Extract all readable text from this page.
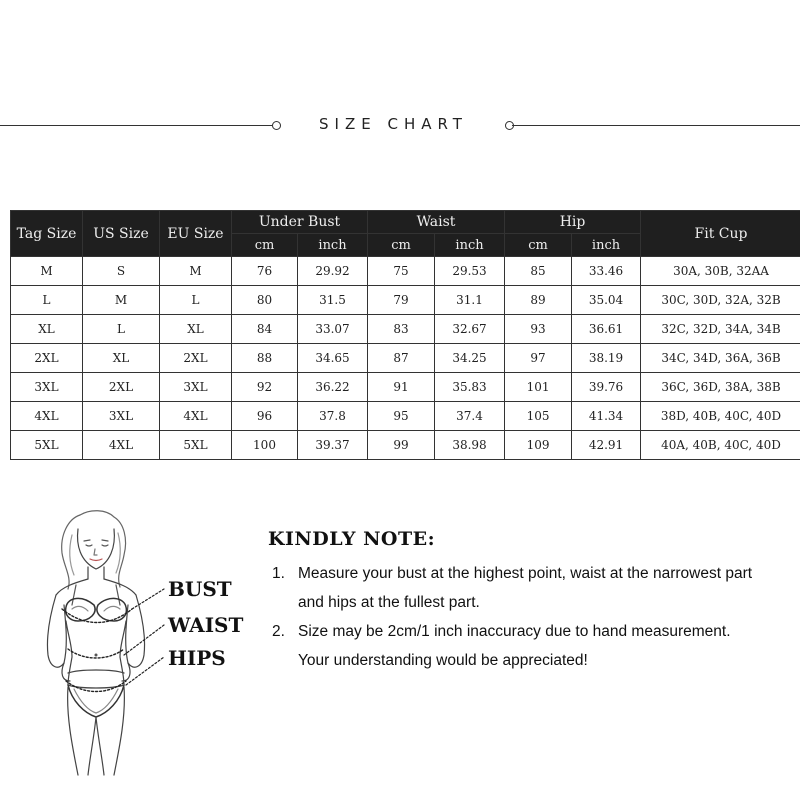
SIZE CHART
Tag Size	US Size	EU Size	Under Bust		Waist		Hip		Fit Cup
			cm	inch	cm	inch	cm	inch	
M	S	M	76	29.92	75	29.53	85	33.46	30A, 30B, 32AA
L	M	L	80	31.5	79	31.1	89	35.04	30C, 30D, 32A, 32B
XL	L	XL	84	33.07	83	32.67	93	36.61	32C, 32D, 34A, 34B
2XL	XL	2XL	88	34.65	87	34.25	97	38.19	34C, 34D, 36A, 36B
3XL	2XL	3XL	92	36.22	91	35.83	101	39.76	36C, 36D, 38A, 38B
4XL	3XL	4XL	96	37.8	95	37.4	105	41.34	38D, 40B, 40C, 40D
5XL	4XL	5XL	100	39.37	99	38.98	109	42.91	40A, 40B, 40C, 40D
BUST
WAIST
HIPS
KINDLY NOTE:
1. Measure your bust at the highest point, waist at the narrowest part
and hips at the fullest part.
2. Size may be 2cm/1 inch inaccuracy due to hand measurement.
Your understanding would be appreciated!
